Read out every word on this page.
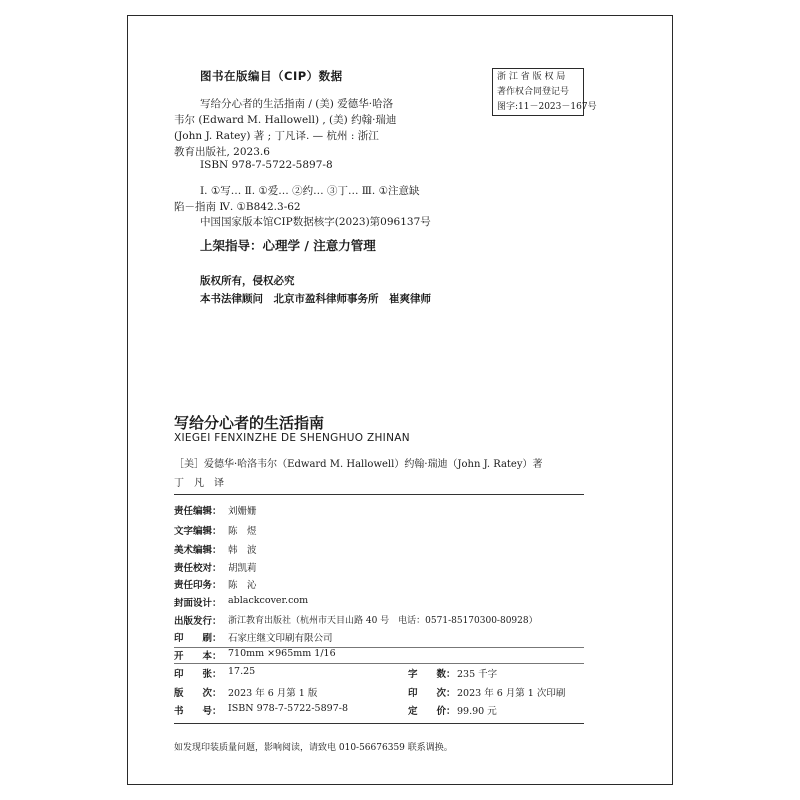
图书在版编目（CIP）数据
写给分心者的生活指南 / (美) 爱德华·哈洛
韦尔 (Edward M. Hallowell) , (美) 约翰·瑞迪
(John J. Ratey) 著 ; 丁凡译. — 杭州 : 浙江
教育出版社, 2023.6
ISBN 978-7-5722-5897-8
Ⅰ. ①写… Ⅱ. ①爱… ②约… ③丁… Ⅲ. ①注意缺
陷－指南 Ⅳ. ①B842.3-62
中国国家版本馆CIP数据核字(2023)第096137号
浙 江 省 版 权 局
著作权合同登记号
图字:11－2023－167号
上架指导：心理学 / 注意力管理
版权所有，侵权必究
本书法律顾问　北京市盈科律师事务所　崔爽律师
写给分心者的生活指南
XIEGEI FENXINZHE DE SHENGHUO ZHINAN
［美］爱德华·哈洛韦尔（Edward M. Hallowell）约翰·瑞迪（John J. Ratey）著
丁　凡　译
责任编辑： 刘姗姗
文字编辑： 陈　煜
美术编辑： 韩　波
责任校对： 胡凯莉
责任印务： 陈　沁
封面设计： ablackcover.com
出版发行： 浙江教育出版社（杭州市天目山路 40 号　电话：0571-85170300-80928）
印　　刷： 石家庄继文印刷有限公司
开　　本： 710mm ×965mm 1/16
印　　张： 17.25	字　　数： 235 千字
版　　次： 2023 年 6 月第 1 版	印　　次： 2023 年 6 月第 1 次印刷
书　　号： ISBN 978-7-5722-5897-8	定　　价： 99.90 元
如发现印装质量问题，影响阅读，请致电 010-56676359 联系调换。
